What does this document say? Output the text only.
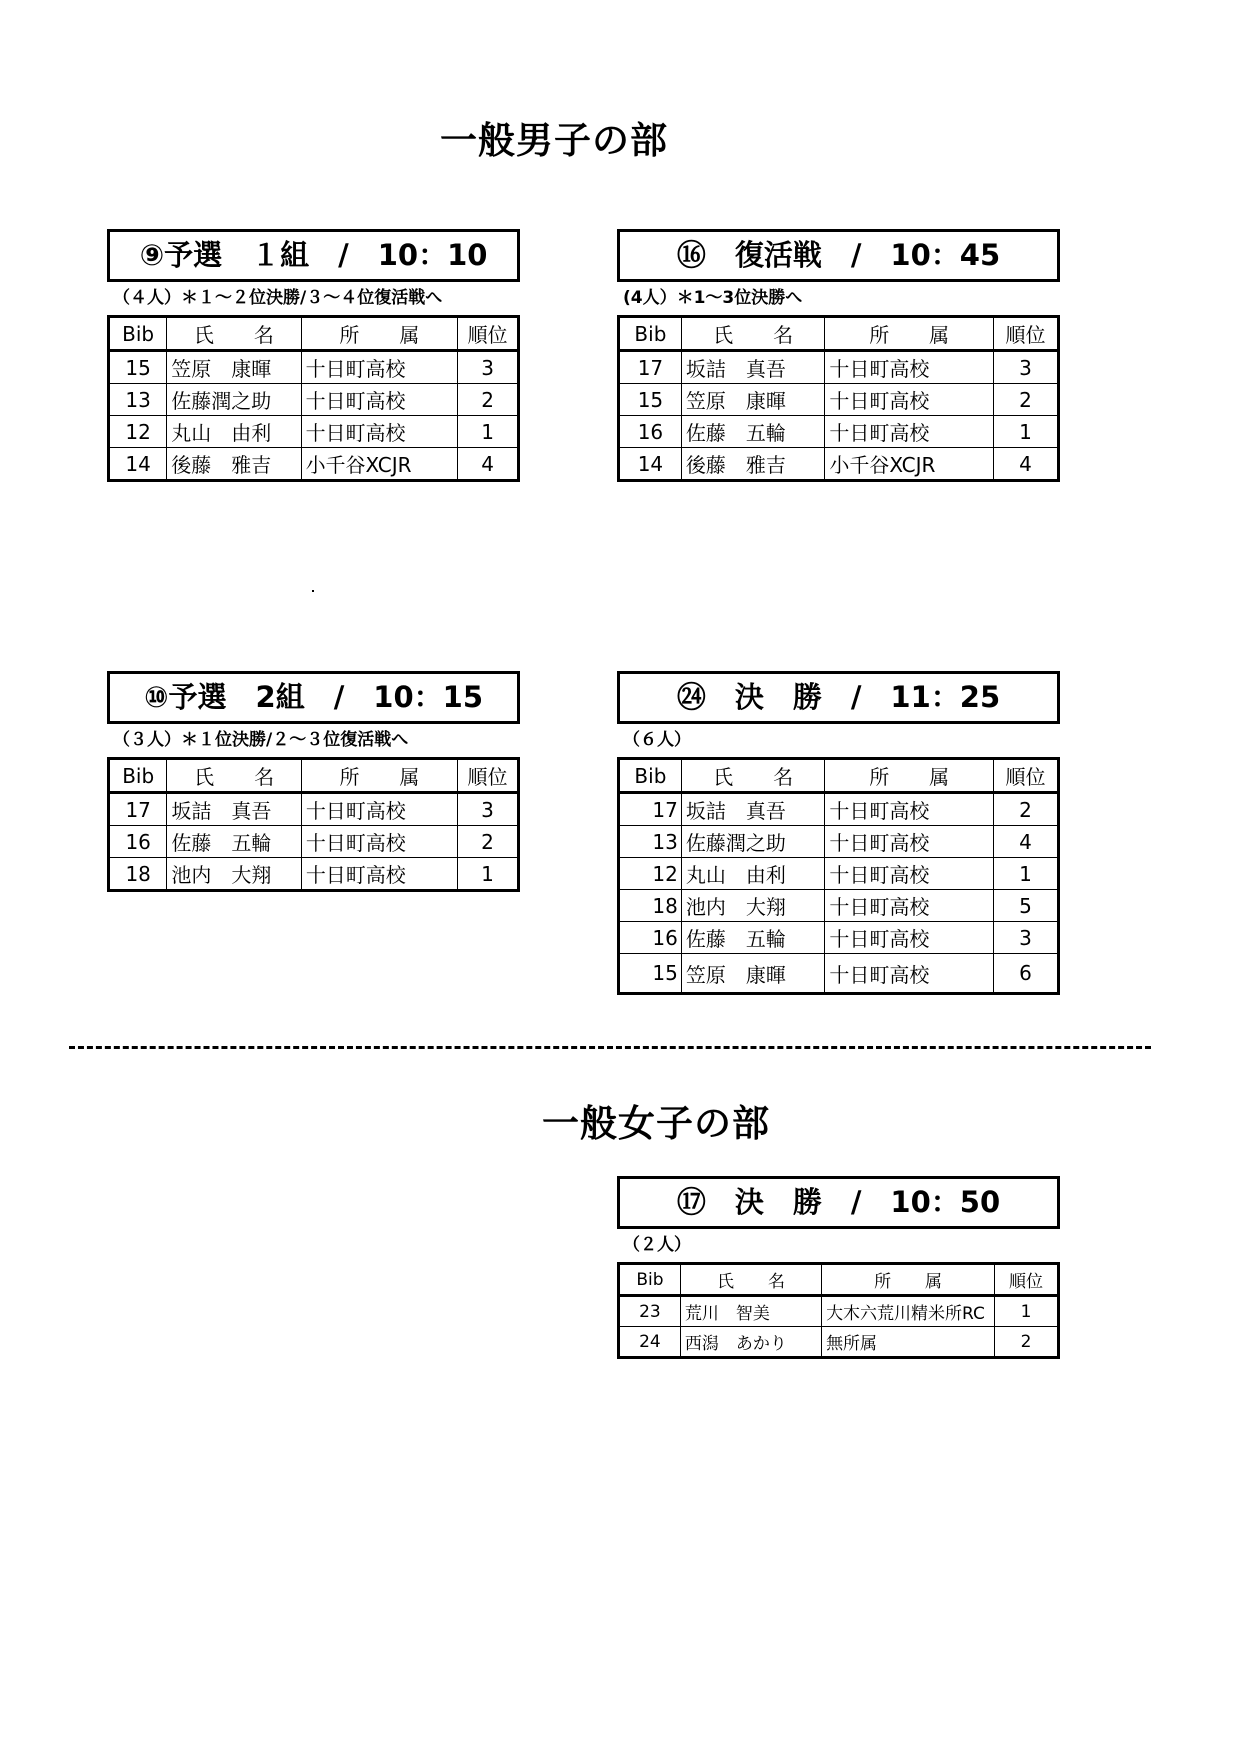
一般男子の部
⑨予選　１組　/　10：10
（４人）＊１～２位決勝/３～４位復活戦へ
Bib	氏　　名	所　　属	順位
15	笠原　康暉	十日町高校	3
13	佐藤潤之助	十日町高校	2
12	丸山　由利	十日町高校	1
14	後藤　雅吉	小千谷XCJR	4
⑯　復活戦　/　10：45
(4人）＊1～3位決勝へ
Bib	氏　　名	所　　属	順位
17	坂詰　真吾	十日町高校	3
15	笠原　康暉	十日町高校	2
16	佐藤　五輪	十日町高校	1
14	後藤　雅吉	小千谷XCJR	4
⑩予選　2組　/　10：15
（３人）＊１位決勝/２～３位復活戦へ
Bib	氏　　名	所　　属	順位
17	坂詰　真吾	十日町高校	3
16	佐藤　五輪	十日町高校	2
18	池内　大翔	十日町高校	1
㉔　決　勝　/　11：25
（６人）
Bib	氏　　名	所　　属	順位
17	坂詰　真吾	十日町高校	2
13	佐藤潤之助	十日町高校	4
12	丸山　由利	十日町高校	1
18	池内　大翔	十日町高校	5
16	佐藤　五輪	十日町高校	3
15	笠原　康暉	十日町高校	6
一般女子の部
⑰　決　勝　/　10：50
（２人）
Bib	氏　　名	所　　属	順位
23	荒川　智美	大木六荒川精米所RC	1
24	西潟　あかり	無所属	2
